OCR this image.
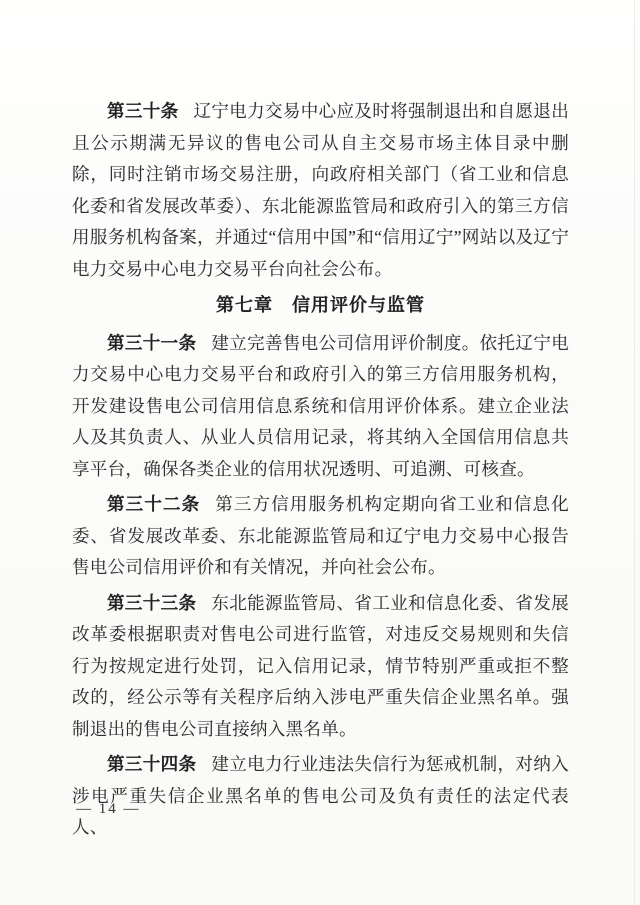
第三十条 辽宁电力交易中心应及时将强制退出和自愿退出且公示期满无异议的售电公司从自主交易市场主体目录中删除，同时注销市场交易注册，向政府相关部门（省工业和信息化委和省发展改革委）、东北能源监管局和政府引入的第三方信用服务机构备案，并通过“信用中国”和“信用辽宁”网站以及辽宁电力交易中心电力交易平台向社会公布。

第七章　信用评价与监管

第三十一条 建立完善售电公司信用评价制度。依托辽宁电力交易中心电力交易平台和政府引入的第三方信用服务机构，开发建设售电公司信用信息系统和信用评价体系。建立企业法人及其负责人、从业人员信用记录，将其纳入全国信用信息共享平台，确保各类企业的信用状况透明、可追溯、可核查。

第三十二条 第三方信用服务机构定期向省工业和信息化委、省发展改革委、东北能源监管局和辽宁电力交易中心报告售电公司信用评价和有关情况，并向社会公布。

第三十三条 东北能源监管局、省工业和信息化委、省发展改革委根据职责对售电公司进行监管，对违反交易规则和失信行为按规定进行处罚，记入信用记录，情节特别严重或拒不整改的，经公示等有关程序后纳入涉电严重失信企业黑名单。强制退出的售电公司直接纳入黑名单。

第三十四条 建立电力行业违法失信行为惩戒机制，对纳入涉电严重失信企业黑名单的售电公司及负有责任的法定代表人、

— 14 —
